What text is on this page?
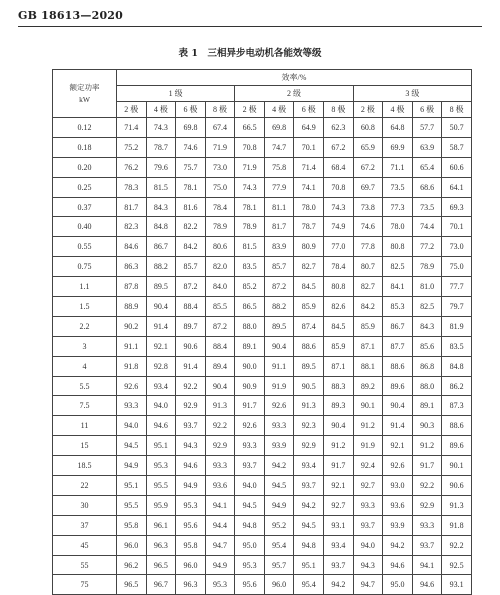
GB 18613—2020
表 1　三相异步电动机各能效等级
额定功率
kW	效率/%											
	1 级				2 级				3 级			
	2 极	4 极	6 极	8 极	2 极	4 极	6 极	8 极	2 极	4 极	6 极	8 极
0.12	71.4	74.3	69.8	67.4	66.5	69.8	64.9	62.3	60.8	64.8	57.7	50.7
0.18	75.2	78.7	74.6	71.9	70.8	74.7	70.1	67.2	65.9	69.9	63.9	58.7
0.20	76.2	79.6	75.7	73.0	71.9	75.8	71.4	68.4	67.2	71.1	65.4	60.6
0.25	78.3	81.5	78.1	75.0	74.3	77.9	74.1	70.8	69.7	73.5	68.6	64.1
0.37	81.7	84.3	81.6	78.4	78.1	81.1	78.0	74.3	73.8	77.3	73.5	69.3
0.40	82.3	84.8	82.2	78.9	78.9	81.7	78.7	74.9	74.6	78.0	74.4	70.1
0.55	84.6	86.7	84.2	80.6	81.5	83.9	80.9	77.0	77.8	80.8	77.2	73.0
0.75	86.3	88.2	85.7	82.0	83.5	85.7	82.7	78.4	80.7	82.5	78.9	75.0
1.1	87.8	89.5	87.2	84.0	85.2	87.2	84.5	80.8	82.7	84.1	81.0	77.7
1.5	88.9	90.4	88.4	85.5	86.5	88.2	85.9	82.6	84.2	85.3	82.5	79.7
2.2	90.2	91.4	89.7	87.2	88.0	89.5	87.4	84.5	85.9	86.7	84.3	81.9
3	91.1	92.1	90.6	88.4	89.1	90.4	88.6	85.9	87.1	87.7	85.6	83.5
4	91.8	92.8	91.4	89.4	90.0	91.1	89.5	87.1	88.1	88.6	86.8	84.8
5.5	92.6	93.4	92.2	90.4	90.9	91.9	90.5	88.3	89.2	89.6	88.0	86.2
7.5	93.3	94.0	92.9	91.3	91.7	92.6	91.3	89.3	90.1	90.4	89.1	87.3
11	94.0	94.6	93.7	92.2	92.6	93.3	92.3	90.4	91.2	91.4	90.3	88.6
15	94.5	95.1	94.3	92.9	93.3	93.9	92.9	91.2	91.9	92.1	91.2	89.6
18.5	94.9	95.3	94.6	93.3	93.7	94.2	93.4	91.7	92.4	92.6	91.7	90.1
22	95.1	95.5	94.9	93.6	94.0	94.5	93.7	92.1	92.7	93.0	92.2	90.6
30	95.5	95.9	95.3	94.1	94.5	94.9	94.2	92.7	93.3	93.6	92.9	91.3
37	95.8	96.1	95.6	94.4	94.8	95.2	94.5	93.1	93.7	93.9	93.3	91.8
45	96.0	96.3	95.8	94.7	95.0	95.4	94.8	93.4	94.0	94.2	93.7	92.2
55	96.2	96.5	96.0	94.9	95.3	95.7	95.1	93.7	94.3	94.6	94.1	92.5
75	96.5	96.7	96.3	95.3	95.6	96.0	95.4	94.2	94.7	95.0	94.6	93.1
